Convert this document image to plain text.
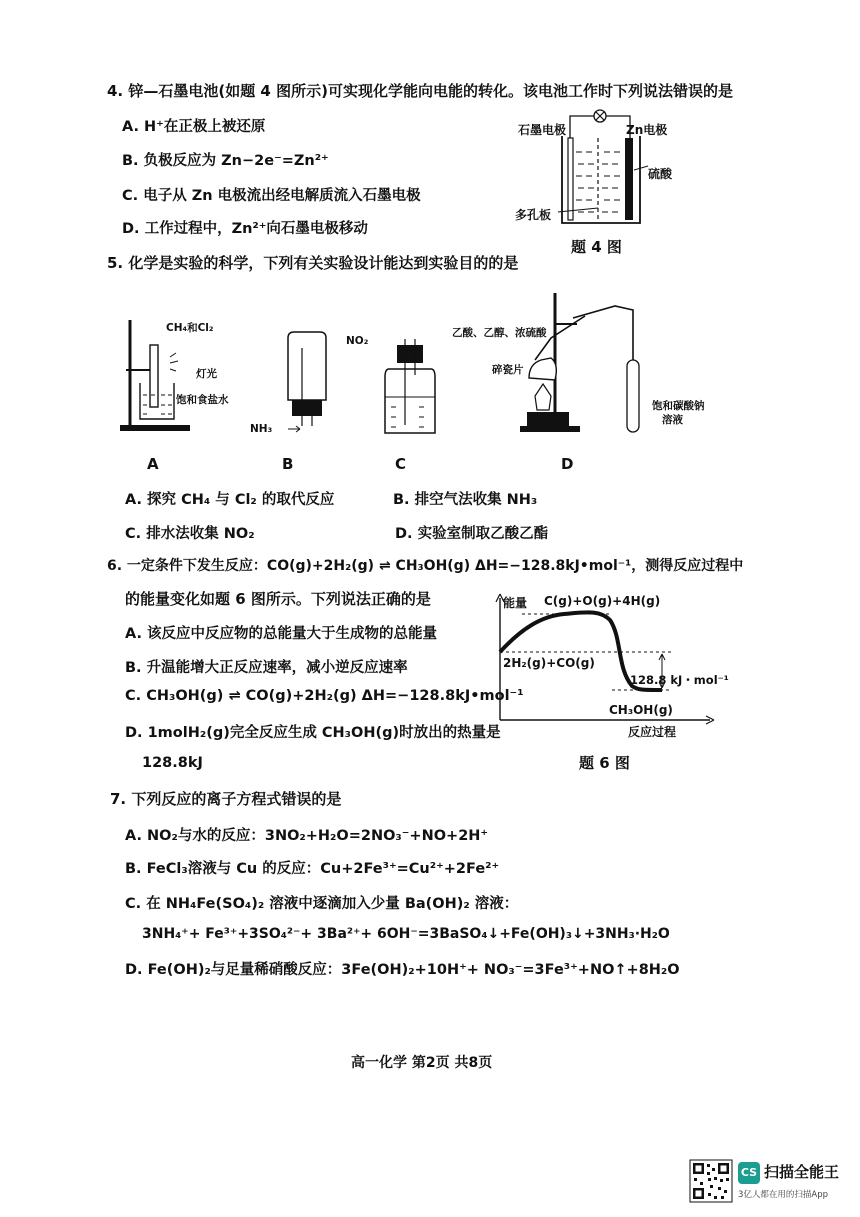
4. 锌—石墨电池(如题 4 图所示)可实现化学能向电能的转化。该电池工作时下列说法错误的是
A. H⁺在正极上被还原
B. 负极反应为 Zn−2e⁻=Zn²⁺
C. 电子从 Zn 电极流出经电解质流入石墨电极
D. 工作过程中，Zn²⁺向石墨电极移动
石墨电极	Zn电极
硫酸
多孔板
题 4 图
5. 化学是实验的科学，下列有关实验设计能达到实验目的的是
CH₄和Cl₂
灯光
饱和食盐水
NH₃
NO₂
乙酸、乙醇、浓硫酸
碎瓷片
饱和碳酸钠
溶液
A	B	C	D
A. 探究 CH₄ 与 Cl₂ 的取代反应	B. 排空气法收集 NH₃
C. 排水法收集 NO₂	D. 实验室制取乙酸乙酯
6. 一定条件下发生反应：CO(g)+2H₂(g) ⇌ CH₃OH(g) ΔH=−128.8kJ•mol⁻¹，测得反应过程中
的能量变化如题 6 图所示。下列说法正确的是
A. 该反应中反应物的总能量大于生成物的总能量
B. 升温能增大正反应速率，减小逆反应速率
C. CH₃OH(g) ⇌ CO(g)+2H₂(g) ΔH=−128.8kJ•mol⁻¹
D. 1molH₂(g)完全反应生成 CH₃OH(g)时放出的热量是
128.8kJ
能量 C(g)+O(g)+4H(g)
2H₂(g)+CO(g)
128.8 kJ・mol⁻¹
CH₃OH(g)
反应过程
题 6 图
7. 下列反应的离子方程式错误的是
A. NO₂与水的反应：3NO₂+H₂O=2NO₃⁻+NO+2H⁺
B. FeCl₃溶液与 Cu 的反应：Cu+2Fe³⁺=Cu²⁺+2Fe²⁺
C. 在 NH₄Fe(SO₄)₂ 溶液中逐滴加入少量 Ba(OH)₂ 溶液：
3NH₄⁺+ Fe³⁺+3SO₄²⁻+ 3Ba²⁺+ 6OH⁻=3BaSO₄↓+Fe(OH)₃↓+3NH₃·H₂O
D. Fe(OH)₂与足量稀硝酸反应：3Fe(OH)₂+10H⁺+ NO₃⁻=3Fe³⁺+NO↑+8H₂O
高一化学 第2页 共8页
CS 扫描全能王
3亿人都在用的扫描App
